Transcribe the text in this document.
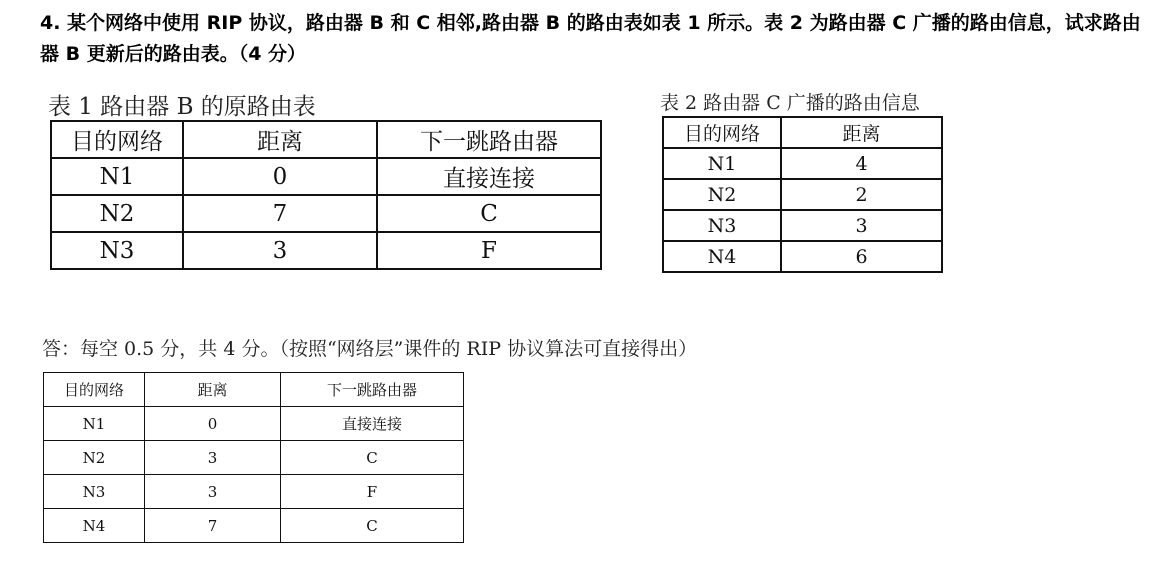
4. 某个网络中使用 RIP 协议，路由器 B 和 C 相邻,路由器 B 的路由表如表 1 所示。表 2 为路由器 C 广播的路由信息，试求路由器 B 更新后的路由表。（4 分）
表 1 路由器 B 的原路由表
目的网络	距离	下一跳路由器
N1	0	直接连接
N2	7	C
N3	3	F
表 2 路由器 C 广播的路由信息
目的网络	距离
N1	4
N2	2
N3	3
N4	6
答：每空 0.5 分，共 4 分。（按照“网络层”课件的 RIP 协议算法可直接得出）
目的网络	距离	下一跳路由器
N1	0	直接连接
N2	3	C
N3	3	F
N4	7	C
